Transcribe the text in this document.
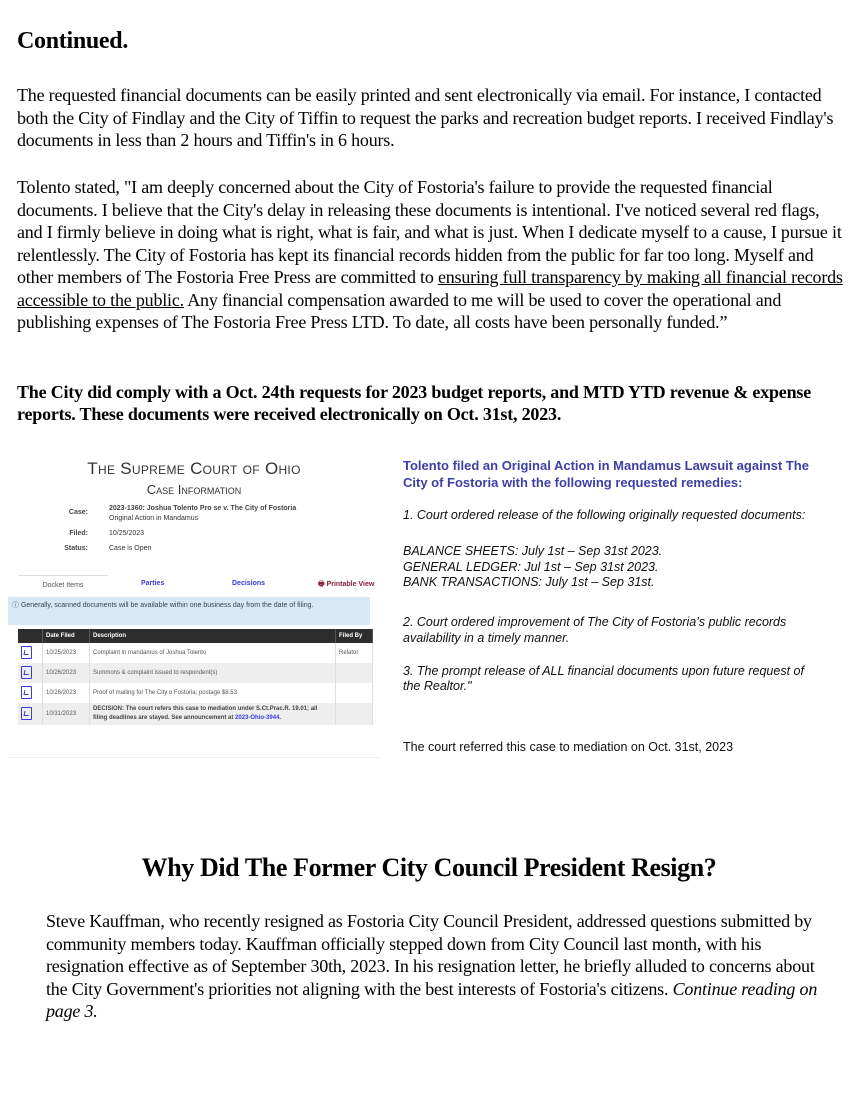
Continued.

The requested financial documents can be easily printed and sent electronically via email. For instance, I contacted both the City of Findlay and the City of Tiffin to request the parks and recreation budget reports. I received Findlay's documents in less than 2 hours and Tiffin's in 6 hours.

Tolento stated, "I am deeply concerned about the City of Fostoria's failure to provide the requested financial documents. I believe that the City's delay in releasing these documents is intentional. I've noticed several red flags, and I firmly believe in doing what is right, what is fair, and what is just. When I dedicate myself to a cause, I pursue it relentlessly. The City of Fostoria has kept its financial records hidden from the public for far too long. Myself and other members of The Fostoria Free Press are committed to ensuring full transparency by making all financial records accessible to the public. Any financial compensation awarded to me will be used to cover the operational and publishing expenses of The Fostoria Free Press LTD. To date, all costs have been personally funded.”

The City did comply with a Oct. 24th requests for 2023 budget reports, and MTD YTD revenue & expense reports. These documents were received electronically on Oct. 31st, 2023.

The Supreme Court of Ohio
Case Information
Case:
2023-1360: Joshua Tolento Pro se v. The City of Fostoria
Original Action in Mandamus
Filed:	10/25/2023
Status:	Case is Open
Docket Items	Parties	Decisions	🖶 Printable View
ⓘ Generally, scanned documents will be available within one business day from the date of filing.
	Date Filed	Description	Filed By
	10/25/2023	Complaint in mandamus of Joshua Tolento	Relator
	10/26/2023	Summons & complaint issued to respondent(s)	
	10/26/2023	Proof of mailing for The City o Fostoria; postage $8.53	
	10/31/2023	DECISION: The court refers this case to mediation under S.Ct.Prac.R. 19.01; all filing deadlines are stayed. See announcement at 2023-Ohio-3944.	

Tolento filed an Original Action in Mandamus Lawsuit against The City of Fostoria with the following requested remedies:

1. Court ordered release of the following originally requested documents:

BALANCE SHEETS: July 1st – Sep 31st 2023.
GENERAL LEDGER: Jul 1st – Sep 31st 2023.
BANK TRANSACTIONS: July 1st – Sep 31st.

2. Court ordered improvement of The City of Fostoria’s public records availability in a timely manner.

3. The prompt release of ALL financial documents upon future request of the Realtor."

The court referred this case to mediation on Oct. 31st, 2023

Why Did The Former City Council President Resign?

Steve Kauffman, who recently resigned as Fostoria City Council President, addressed questions submitted by community members today. Kauffman officially stepped down from City Council last month, with his resignation effective as of September 30th, 2023. In his resignation letter, he briefly alluded to concerns about the City Government's priorities not aligning with the best interests of Fostoria's citizens. Continue reading on page 3.
